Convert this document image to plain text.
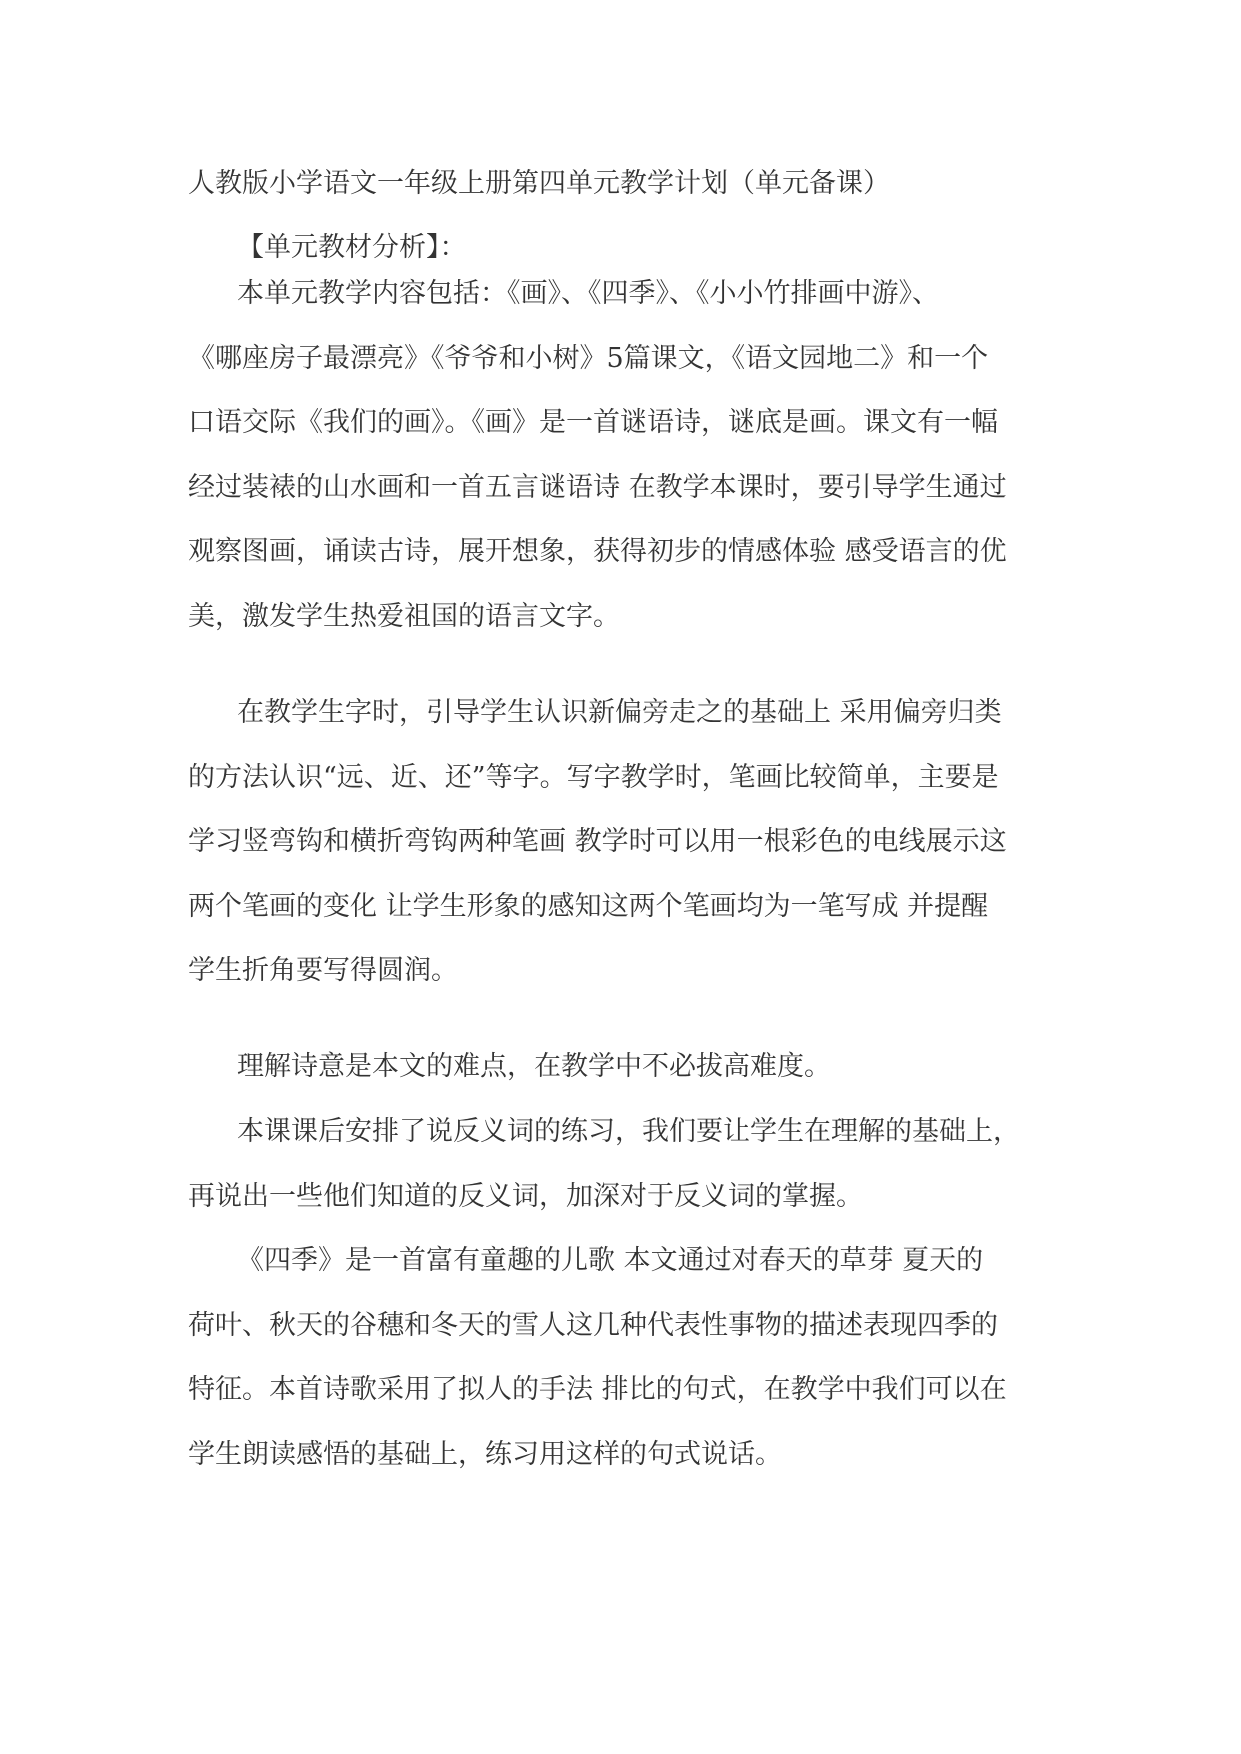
人教版小学语文一年级上册第四单元教学计划（单元备课）
【单元教材分析】：
本单元教学内容包括：《画》、《四季》、《小小竹排画中游》、
《哪座房子最漂亮》《爷爷和小树》5篇课文，《语文园地二》和一个
口语交际《我们的画》。《画》是一首谜语诗，谜底是画。课文有一幅
经过装裱的山水画和一首五言谜语诗 在教学本课时，要引导学生通过
观察图画，诵读古诗，展开想象，获得初步的情感体验 感受语言的优
美，激发学生热爱祖国的语言文字。
在教学生字时，引导学生认识新偏旁走之的基础上 采用偏旁归类
的方法认识“远、近、还”等字。写字教学时，笔画比较简单，主要是
学习竖弯钩和横折弯钩两种笔画 教学时可以用一根彩色的电线展示这
两个笔画的变化 让学生形象的感知这两个笔画均为一笔写成 并提醒
学生折角要写得圆润。
理解诗意是本文的难点，在教学中不必拔高难度。
本课课后安排了说反义词的练习，我们要让学生在理解的基础上，
再说出一些他们知道的反义词，加深对于反义词的掌握。
《四季》是一首富有童趣的儿歌 本文通过对春天的草芽 夏天的
荷叶、秋天的谷穗和冬天的雪人这几种代表性事物的描述表现四季的
特征。本首诗歌采用了拟人的手法 排比的句式，在教学中我们可以在
学生朗读感悟的基础上，练习用这样的句式说话。
